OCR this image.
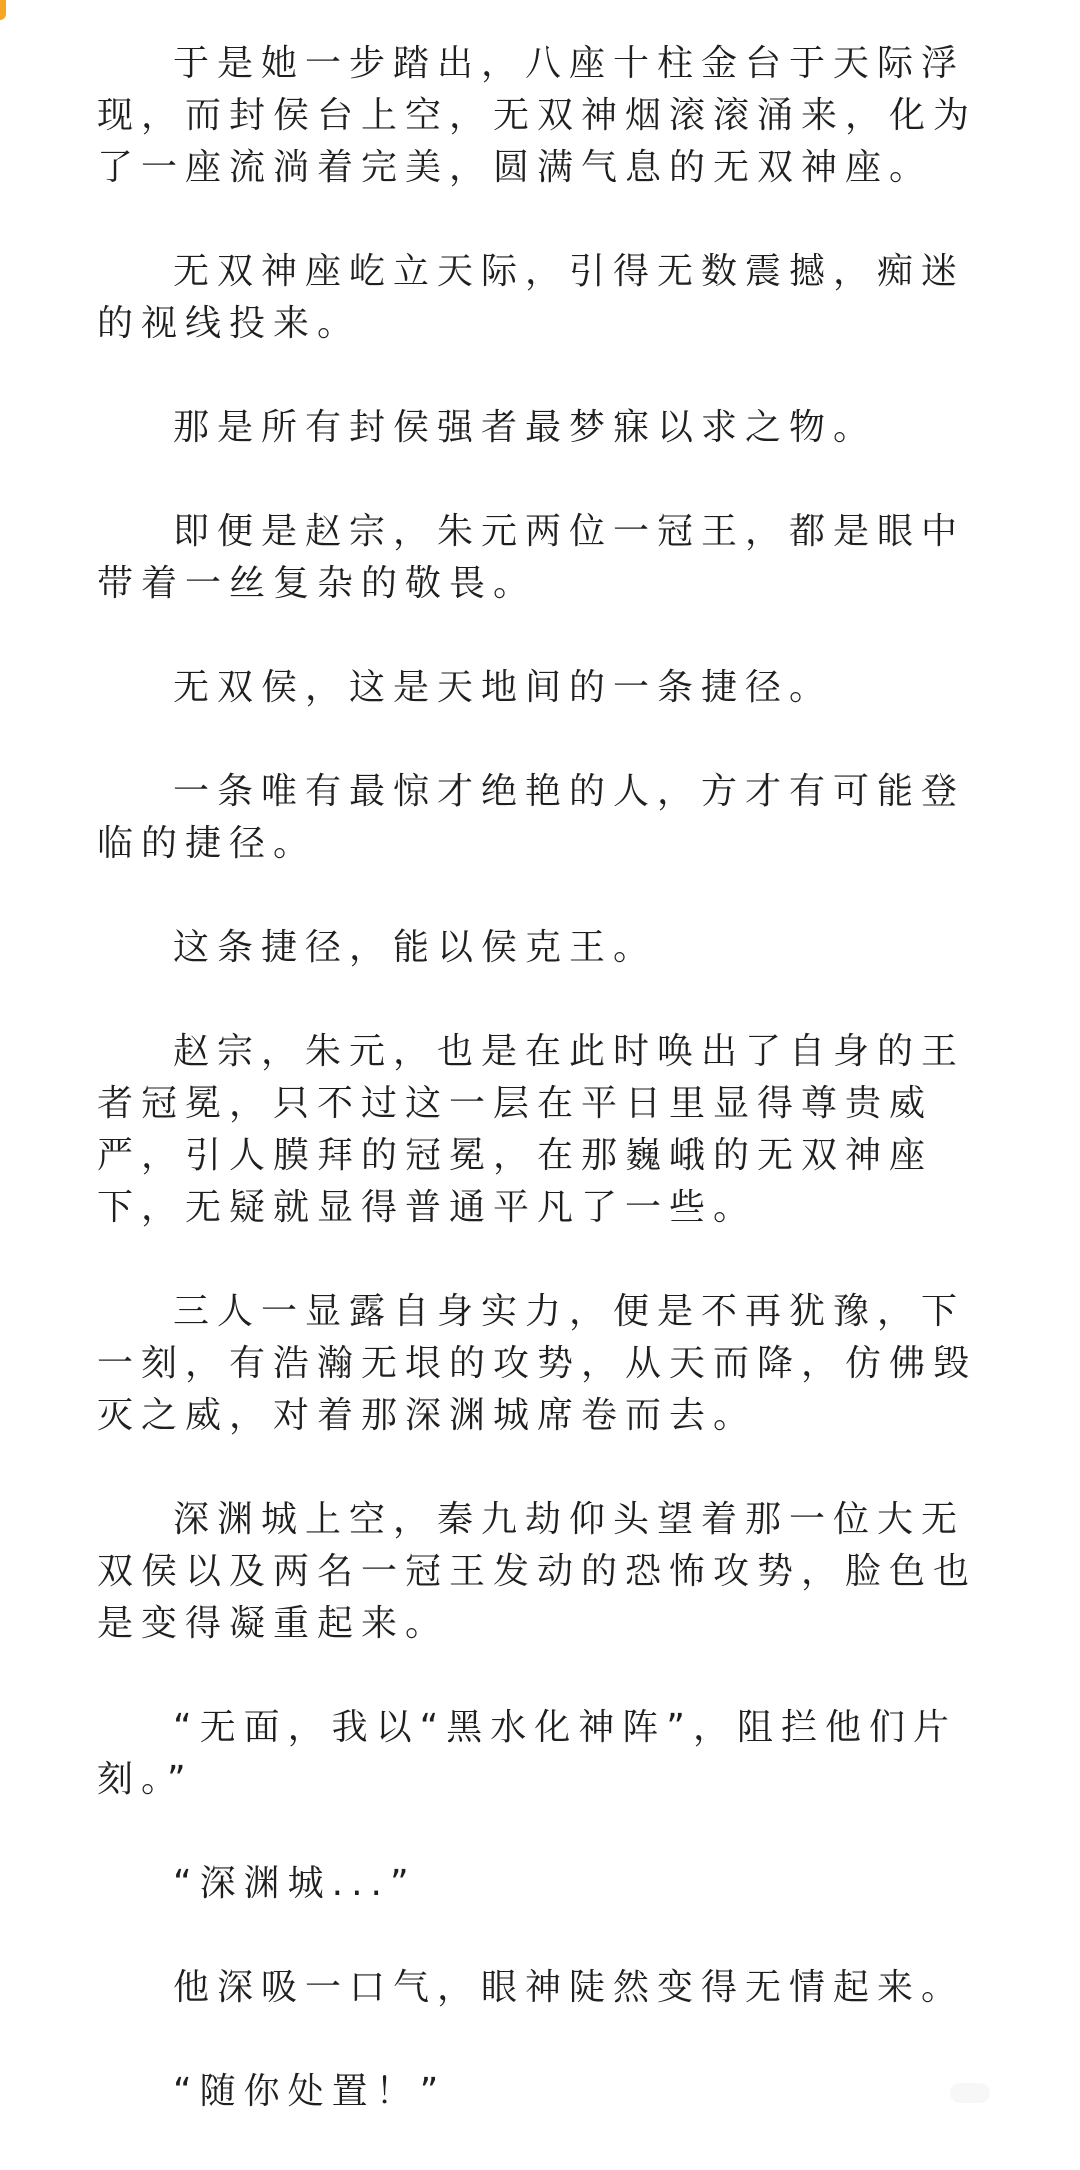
于是她一步踏出，八座十柱金台于天际浮现，而封侯台上空，无双神烟滚滚涌来，化为了一座流淌着完美，圆满气息的无双神座。

无双神座屹立天际，引得无数震撼，痴迷的视线投来。

那是所有封侯强者最梦寐以求之物。

即便是赵宗，朱元两位一冠王，都是眼中带着一丝复杂的敬畏。

无双侯，这是天地间的一条捷径。

一条唯有最惊才绝艳的人，方才有可能登临的捷径。

这条捷径，能以侯克王。

赵宗，朱元，也是在此时唤出了自身的王者冠冕，只不过这一层在平日里显得尊贵威严，引人膜拜的冠冕，在那巍峨的无双神座下，无疑就显得普通平凡了一些。

三人一显露自身实力，便是不再犹豫，下一刻，有浩瀚无垠的攻势，从天而降，仿佛毁灭之威，对着那深渊城席卷而去。

深渊城上空，秦九劫仰头望着那一位大无双侯以及两名一冠王发动的恐怖攻势，脸色也是变得凝重起来。

“无面，我以“黑水化神阵”，阻拦他们片刻。”

“深渊城...”

他深吸一口气，眼神陡然变得无情起来。

“随你处置！”
